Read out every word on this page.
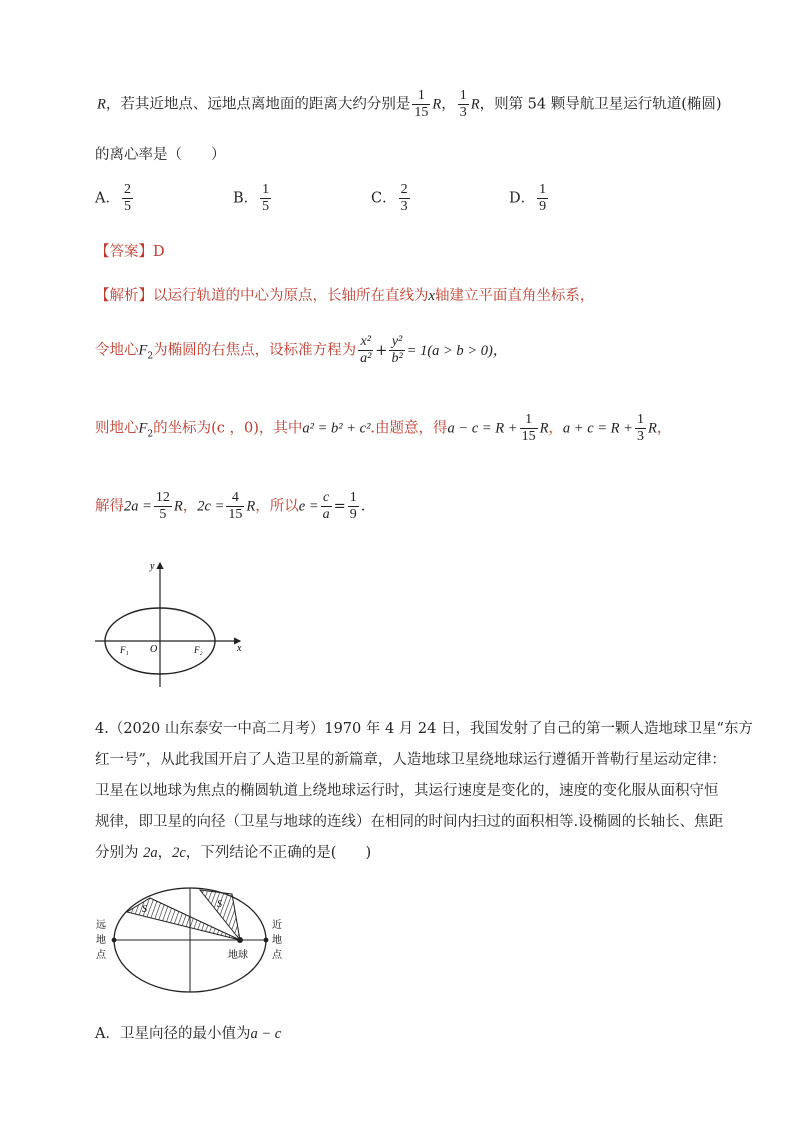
R，若其近地点、远地点离地面的距离大约分别是 $\frac{1}{15}$ R， $\frac{1}{3}$ R，则第 54 颗导航卫星运行轨道(椭圆)
的离心率是（　　）
A． $\frac{2}{5}$	B． $\frac{1}{5}$	C． $\frac{2}{3}$	D． $\frac{1}{9}$
【答案】D
【解析】以运行轨道的中心为原点，长轴所在直线为x轴建立平面直角坐标系，
令地心$F_2$为椭圆的右焦点，设标准方程为 $\frac{\text{x²}}{\text{a²}} + \frac{\text{y²}}{\text{b²}} = 1(a > b > 0)$，
则地心$F_2$的坐标为(c ，0)，其中a² = b² + c².由题意，得$a - c = R + \frac{1}{15}$ R，$a + c = R + \frac{1}{3}$ R，
解得$2a = \frac{12}{5}$ R，$2c = \frac{4}{15}$ R，所以$e = \frac{c}{a} = \frac{1}{9}$ .
y
x
O
F₁	F₂
4.（2020 山东泰安一中高二月考）1970 年 4 月 24 日，我国发射了自己的第一颗人造地球卫星“东方
红一号”，从此我国开启了人造卫星的新篇章，人造地球卫星绕地球运行遵循开普勒行星运动定律：
卫星在以地球为焦点的椭圆轨道上绕地球运行时，其运行速度是变化的，速度的变化服从面积守恒
规律，即卫星的向径（卫星与地球的连线）在相同的时间内扫过的面积相等.设椭圆的长轴长、焦距
分别为 2a，2c，下列结论不正确的是(　　)
S	S
地球
远
地
点
近
地
点
A．卫星向径的最小值为a − c
